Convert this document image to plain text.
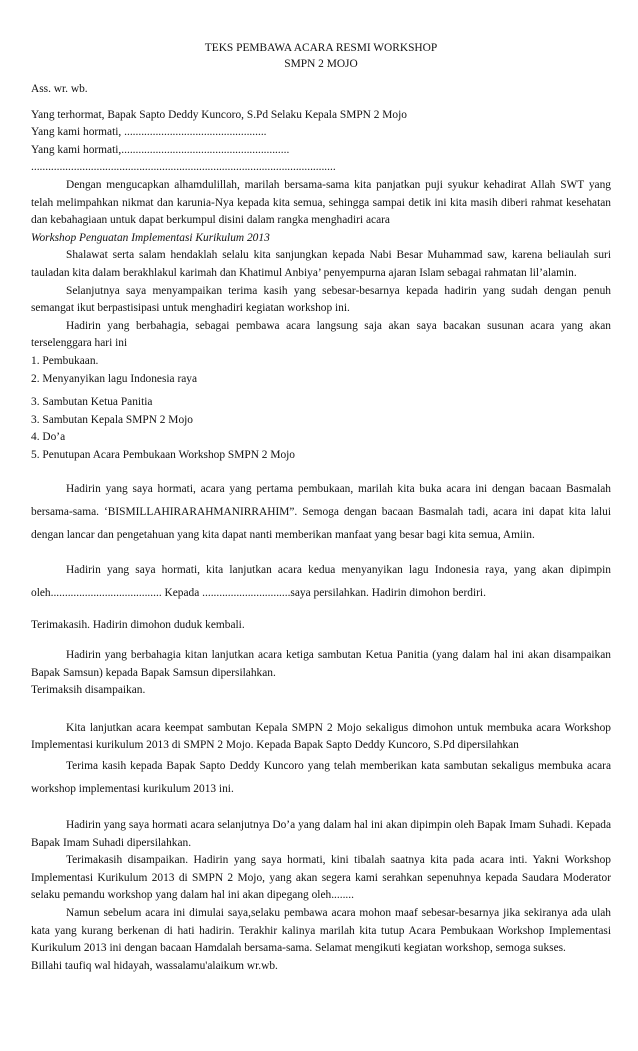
TEKS PEMBAWA ACARA RESMI WORKSHOP
SMPN 2 MOJO
Ass. wr. wb.
Yang terhormat, Bapak Sapto Deddy Kuncoro, S.Pd Selaku Kepala SMPN 2 Mojo
Yang kami hormati, ..................................................
Yang kami hormati,...........................................................
...........................................................................................................

Dengan mengucapkan alhamdulillah, marilah bersama-sama kita panjatkan puji syukur kehadirat Allah SWT yang telah melimpahkan nikmat dan karunia-Nya kepada kita semua, sehingga sampai detik ini kita masih diberi rahmat kesehatan dan kebahagiaan untuk dapat berkumpul disini dalam rangka menghadiri acara
Workshop Penguatan Implementasi Kurikulum 2013

Shalawat serta salam hendaklah selalu kita sanjungkan kepada Nabi Besar Muhammad saw, karena beliaulah suri tauladan kita dalam berakhlakul karimah dan Khatimul Anbiya’ penyempurna ajaran Islam sebagai rahmatan lil’alamin.

Selanjutnya saya menyampaikan terima kasih yang sebesar-besarnya kepada hadirin yang sudah dengan penuh semangat ikut berpastisipasi untuk menghadiri kegiatan workshop ini.

Hadirin yang berbahagia, sebagai pembawa acara langsung saja akan saya bacakan susunan acara yang akan terselenggara hari ini

1. Pembukaan.
2. Menyanyikan lagu Indonesia raya
3. Sambutan Ketua Panitia
3. Sambutan Kepala SMPN 2 Mojo
4. Do’a
5. Penutupan Acara Pembukaan Workshop SMPN 2 Mojo

Hadirin yang saya hormati, acara yang pertama pembukaan, marilah kita buka acara ini dengan bacaan Basmalah bersama-sama. ‘BISMILLAHIRARAHMANIRRAHIM”. Semoga dengan bacaan Basmalah tadi, acara ini dapat kita lalui dengan lancar dan pengetahuan yang kita dapat nanti memberikan manfaat yang besar bagi kita semua, Amiin.

Hadirin yang saya hormati, kita lanjutkan acara kedua menyanyikan lagu Indonesia raya, yang akan dipimpin oleh....................................... Kepada ...............................saya persilahkan. Hadirin dimohon berdiri.

Terimakasih. Hadirin dimohon duduk kembali.

Hadirin yang berbahagia kitan lanjutkan acara ketiga sambutan Ketua Panitia (yang dalam hal ini akan disampaikan Bapak Samsun) kepada Bapak Samsun dipersilahkan.

Terimaksih disampaikan.

Kita lanjutkan acara keempat sambutan Kepala SMPN 2 Mojo sekaligus dimohon untuk membuka acara Workshop Implementasi kurikulum 2013 di SMPN 2 Mojo. Kepada Bapak Sapto Deddy Kuncoro, S.Pd dipersilahkan

Terima kasih kepada Bapak Sapto Deddy Kuncoro yang telah memberikan kata sambutan sekaligus membuka acara workshop implementasi kurikulum 2013 ini.

Hadirin yang saya hormati acara selanjutnya Do’a yang dalam hal ini akan dipimpin oleh Bapak Imam Suhadi. Kepada Bapak Imam Suhadi dipersilahkan.

Terimakasih disampaikan. Hadirin yang saya hormati, kini tibalah saatnya kita pada acara inti. Yakni Workshop Implementasi Kurikulum 2013 di SMPN 2 Mojo, yang akan segera kami serahkan sepenuhnya kepada Saudara Moderator selaku pemandu workshop yang dalam hal ini akan dipegang oleh........

Namun sebelum acara ini dimulai saya,selaku pembawa acara mohon maaf sebesar-besarnya jika sekiranya ada ulah kata yang kurang berkenan di hati hadirin. Terakhir kalinya marilah kita tutup Acara Pembukaan Workshop Implementasi Kurikulum 2013 ini dengan bacaan Hamdalah bersama-sama. Selamat mengikuti kegiatan workshop, semoga sukses.

Billahi taufiq wal hidayah, wassalamu'alaikum wr.wb.
